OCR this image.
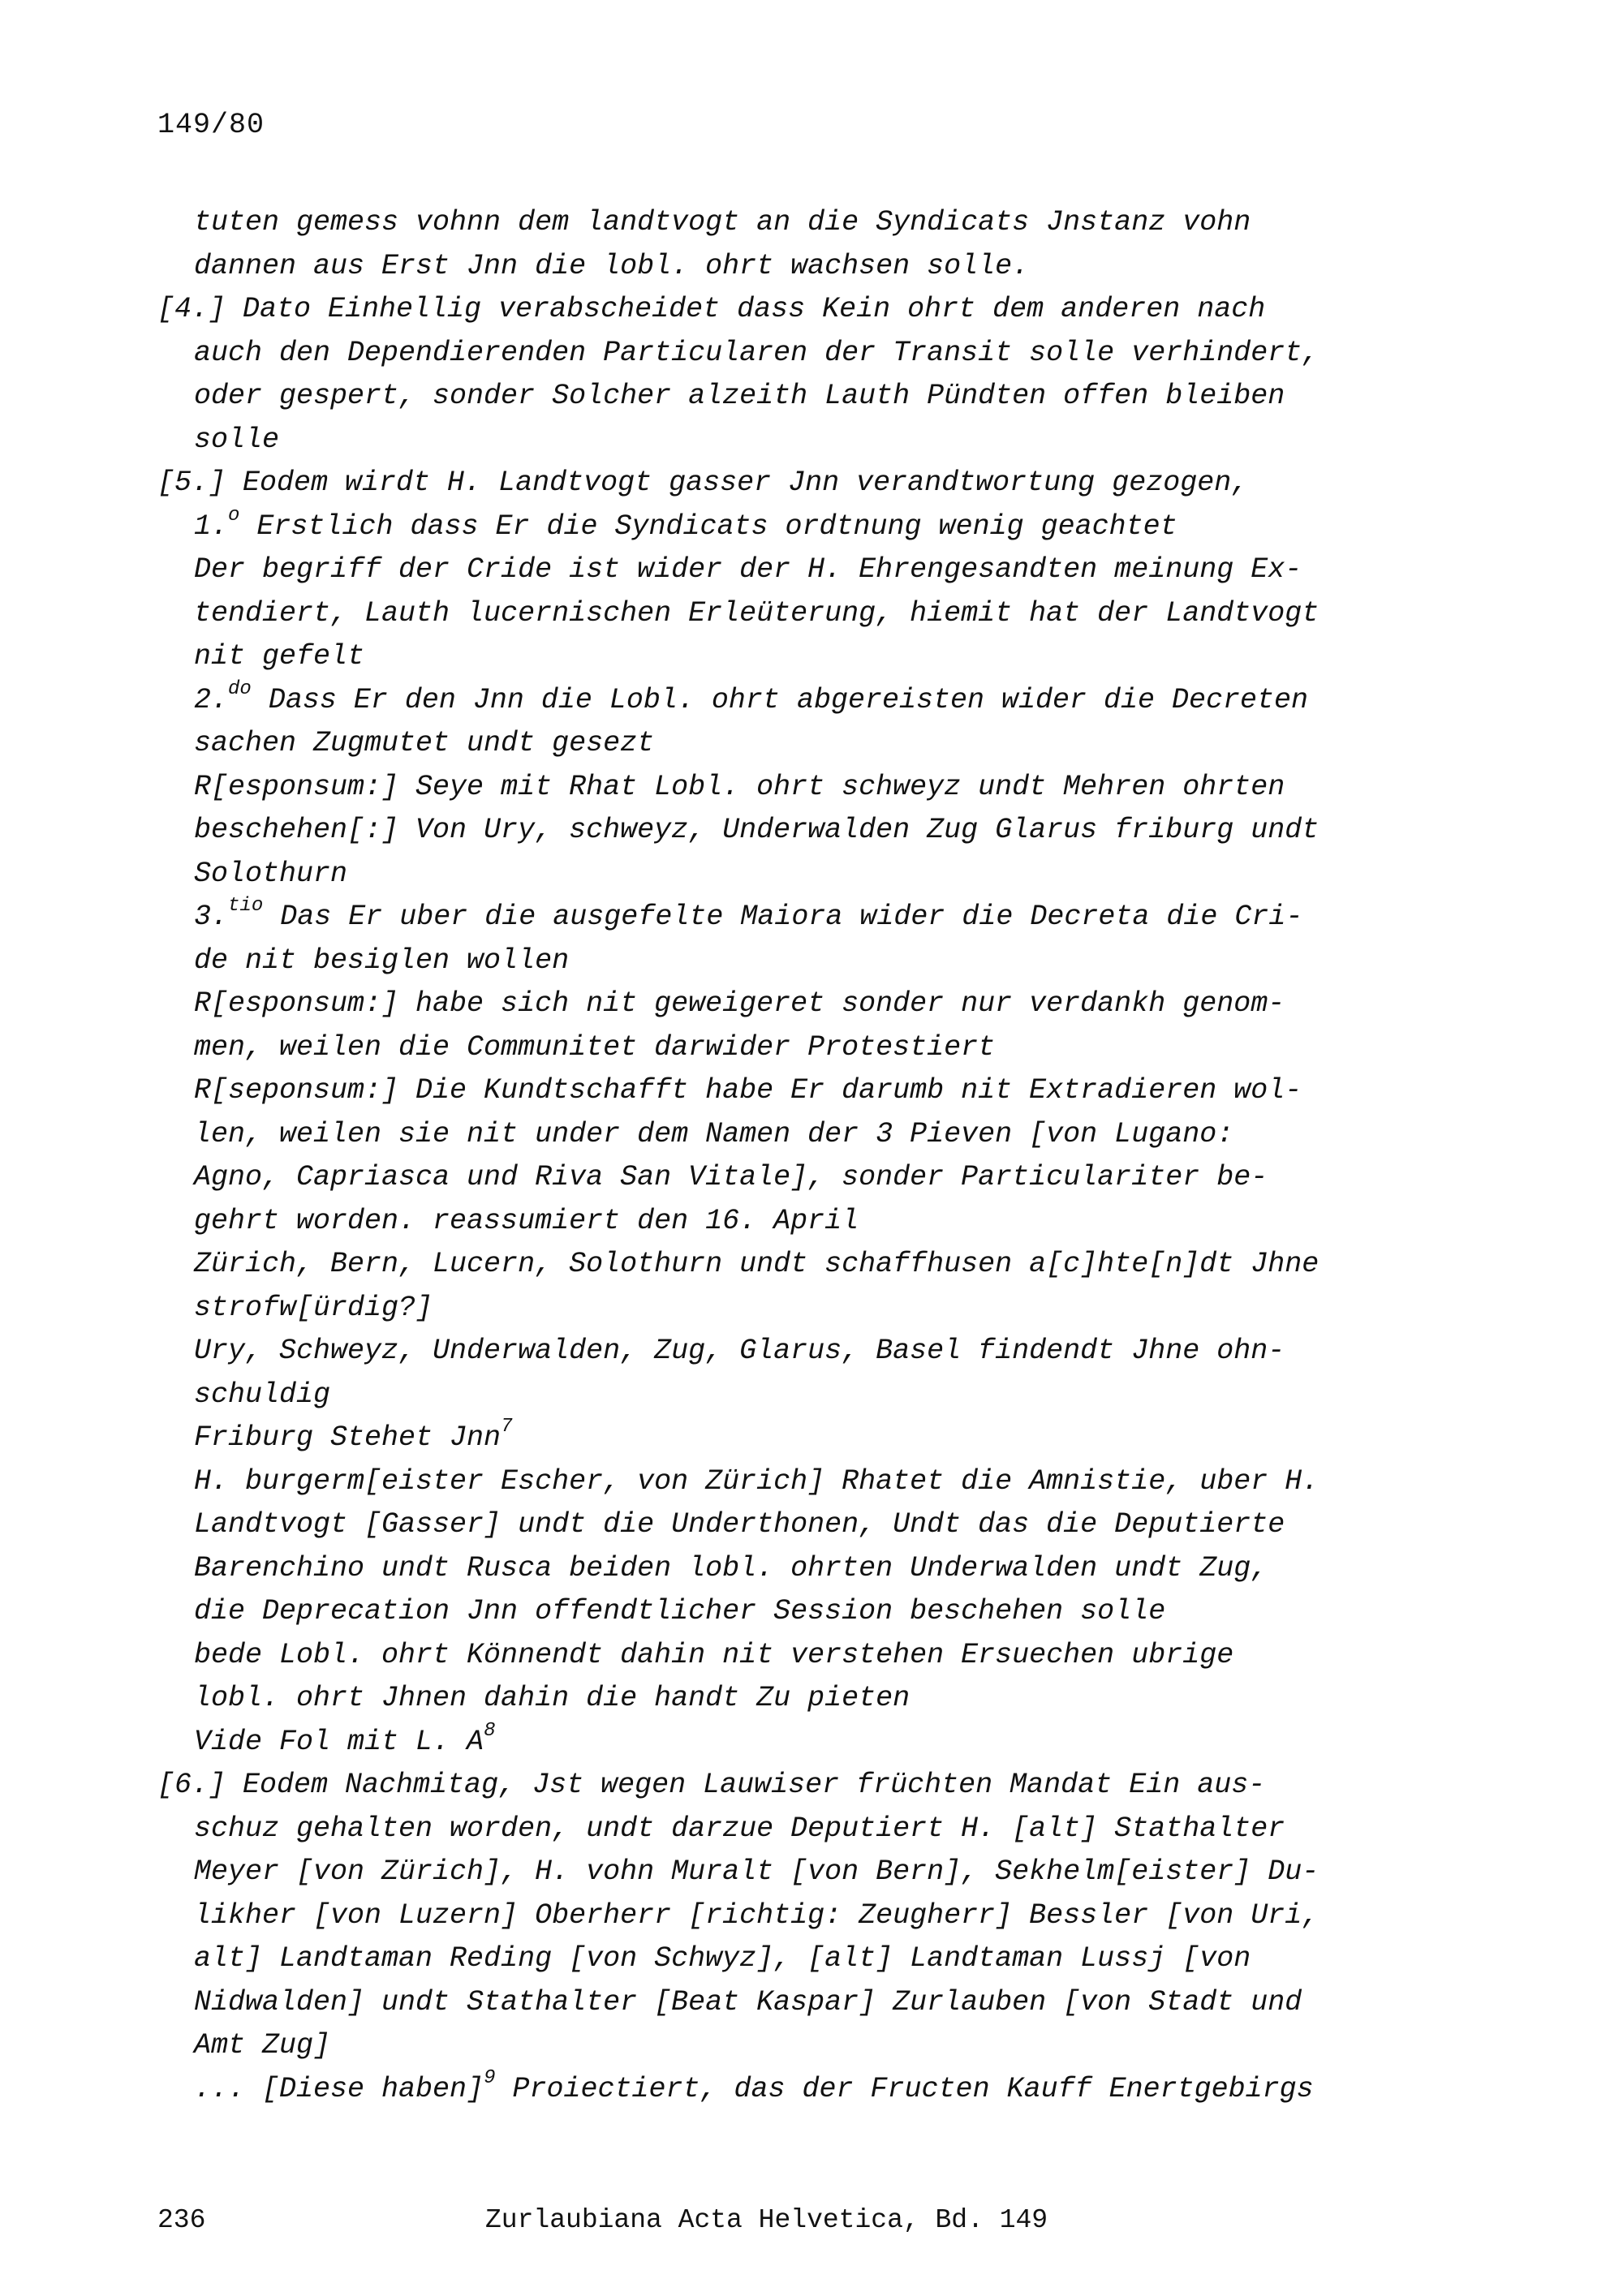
149/80
tuten gemess vohnn dem landtvogt an die Syndicats Jnstanz vohn
dannen aus Erst Jnn die lobl. ohrt wachsen solle.
[4.] Dato Einhellig verabscheidet dass Kein ohrt dem anderen nach
auch den Dependierenden Particularen der Transit solle verhindert,
oder gespert, sonder Solcher alzeith Lauth Pündten offen bleiben
solle
[5.] Eodem wirdt H. Landtvogt gasser Jnn verandtwortung gezogen,
1.$^o$ Erstlich dass Er die Syndicats ordtnung wenig geachtet
Der begriff der Cride ist wider der H. Ehrengesandten meinung Ex-
tendiert, Lauth lucernischen Erleüterung, hiemit hat der Landtvogt
nit gefelt
2.$^{do}$ Dass Er den Jnn die Lobl. ohrt abgereisten wider die Decreten
sachen Zugmutet undt gesezt
R[esponsum:] Seye mit Rhat Lobl. ohrt schweyz undt Mehren ohrten
beschehen[:] Von Ury, schweyz, Underwalden Zug Glarus friburg undt
Solothurn
3.$^{tio}$ Das Er uber die ausgefelte Maiora wider die Decreta die Cri-
de nit besiglen wollen
R[esponsum:] habe sich nit geweigeret sonder nur verdankh genom-
men, weilen die Communitet darwider Protestiert
R[seponsum:] Die Kundtschafft habe Er darumb nit Extradieren wol-
len, weilen sie nit under dem Namen der 3 Pieven [von Lugano:
Agno, Capriasca und Riva San Vitale], sonder Particulariter be-
gehrt worden. reassumiert den 16. April
Zürich, Bern, Lucern, Solothurn undt schaffhusen a[c]hte[n]dt Jhne
strofw[ürdig?]
Ury, Schweyz, Underwalden, Zug, Glarus, Basel findendt Jhne ohn-
schuldig
Friburg Stehet Jnn$^7$
H. burgerm[eister Escher, von Zürich] Rhatet die Amnistie, uber H.
Landtvogt [Gasser] undt die Underthonen, Undt das die Deputierte
Barenchino undt Rusca beiden lobl. ohrten Underwalden undt Zug,
die Deprecation Jnn offendtlicher Session beschehen solle
bede Lobl. ohrt Könnendt dahin nit verstehen Ersuechen ubrige
lobl. ohrt Jhnen dahin die handt Zu pieten
Vide Fol mit L. $A^8$
[6.] Eodem Nachmitag, Jst wegen Lauwiser früchten Mandat Ein aus-
schuz gehalten worden, undt darzue Deputiert H. [alt] Stathalter
Meyer [von Zürich], H. vohn Muralt [von Bern], Sekhelm[eister] Du-
likher [von Luzern] Oberherr [richtig: Zeugherr] Bessler [von Uri,
alt] Landtaman Reding [von Schwyz], [alt] Landtaman Lussj [von
Nidwalden] undt Stathalter [Beat Kaspar] Zurlauben [von Stadt und
Amt Zug]
... [Diese haben]$^9$ Proiectiert, das der Fructen Kauff Enertgebirgs
236	Zurlaubiana Acta Helvetica, Bd. 149
